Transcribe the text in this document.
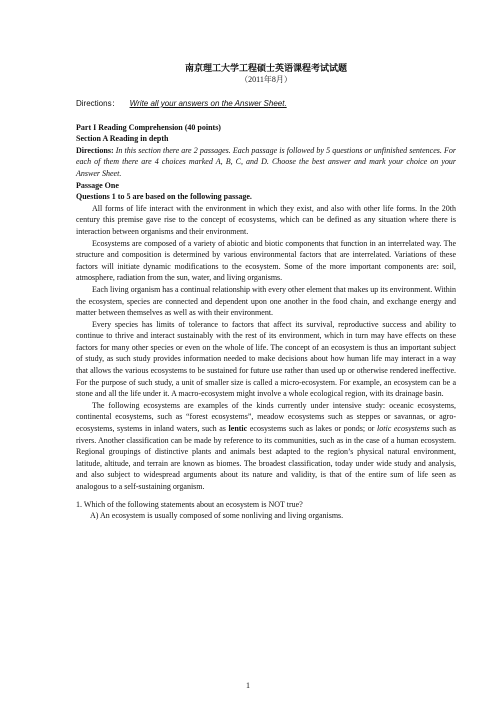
南京理工大学工程硕士英语课程考试试题

（2011年8月）

Directions： Write all your answers on the Answer Sheet.

Part I Reading Comprehension (40 points)

Section A Reading in depth

Directions: In this section there are 2 passages. Each passage is followed by 5 questions or unfinished sentences. For each of them there are 4 choices marked A, B, C, and D. Choose the best answer and mark your choice on your Answer Sheet.

Passage One

Questions 1 to 5 are based on the following passage.

All forms of life interact with the environment in which they exist, and also with other life forms. In the 20th century this premise gave rise to the concept of ecosystems, which can be defined as any situation where there is interaction between organisms and their environment.

Ecosystems are composed of a variety of abiotic and biotic components that function in an interrelated way. The structure and composition is determined by various environmental factors that are interrelated. Variations of these factors will initiate dynamic modifications to the ecosystem. Some of the more important components are: soil, atmosphere, radiation from the sun, water, and living organisms.

Each living organism has a continual relationship with every other element that makes up its environment. Within the ecosystem, species are connected and dependent upon one another in the food chain, and exchange energy and matter between themselves as well as with their environment.

Every species has limits of tolerance to factors that affect its survival, reproductive success and ability to continue to thrive and interact sustainably with the rest of its environment, which in turn may have effects on these factors for many other species or even on the whole of life. The concept of an ecosystem is thus an important subject of study, as such study provides information needed to make decisions about how human life may interact in a way that allows the various ecosystems to be sustained for future use rather than used up or otherwise rendered ineffective. For the purpose of such study, a unit of smaller size is called a micro-ecosystem. For example, an ecosystem can be a stone and all the life under it. A macro-ecosystem might involve a whole ecological region, with its drainage basin.

The following ecosystems are examples of the kinds currently under intensive study: oceanic ecosystems, continental ecosystems, such as “forest ecosystems”, meadow ecosystems such as steppes or savannas, or agro-ecosystems, systems in inland waters, such as lentic ecosystems such as lakes or ponds; or lotic ecosystems such as rivers. Another classification can be made by reference to its communities, such as in the case of a human ecosystem. Regional groupings of distinctive plants and animals best adapted to the region’s physical natural environment, latitude, altitude, and terrain are known as biomes. The broadest classification, today under wide study and analysis, and also subject to widespread arguments about its nature and validity, is that of the entire sum of life seen as analogous to a self-sustaining organism.

1. Which of the following statements about an ecosystem is NOT true?

A) An ecosystem is usually composed of some nonliving and living organisms.

1
